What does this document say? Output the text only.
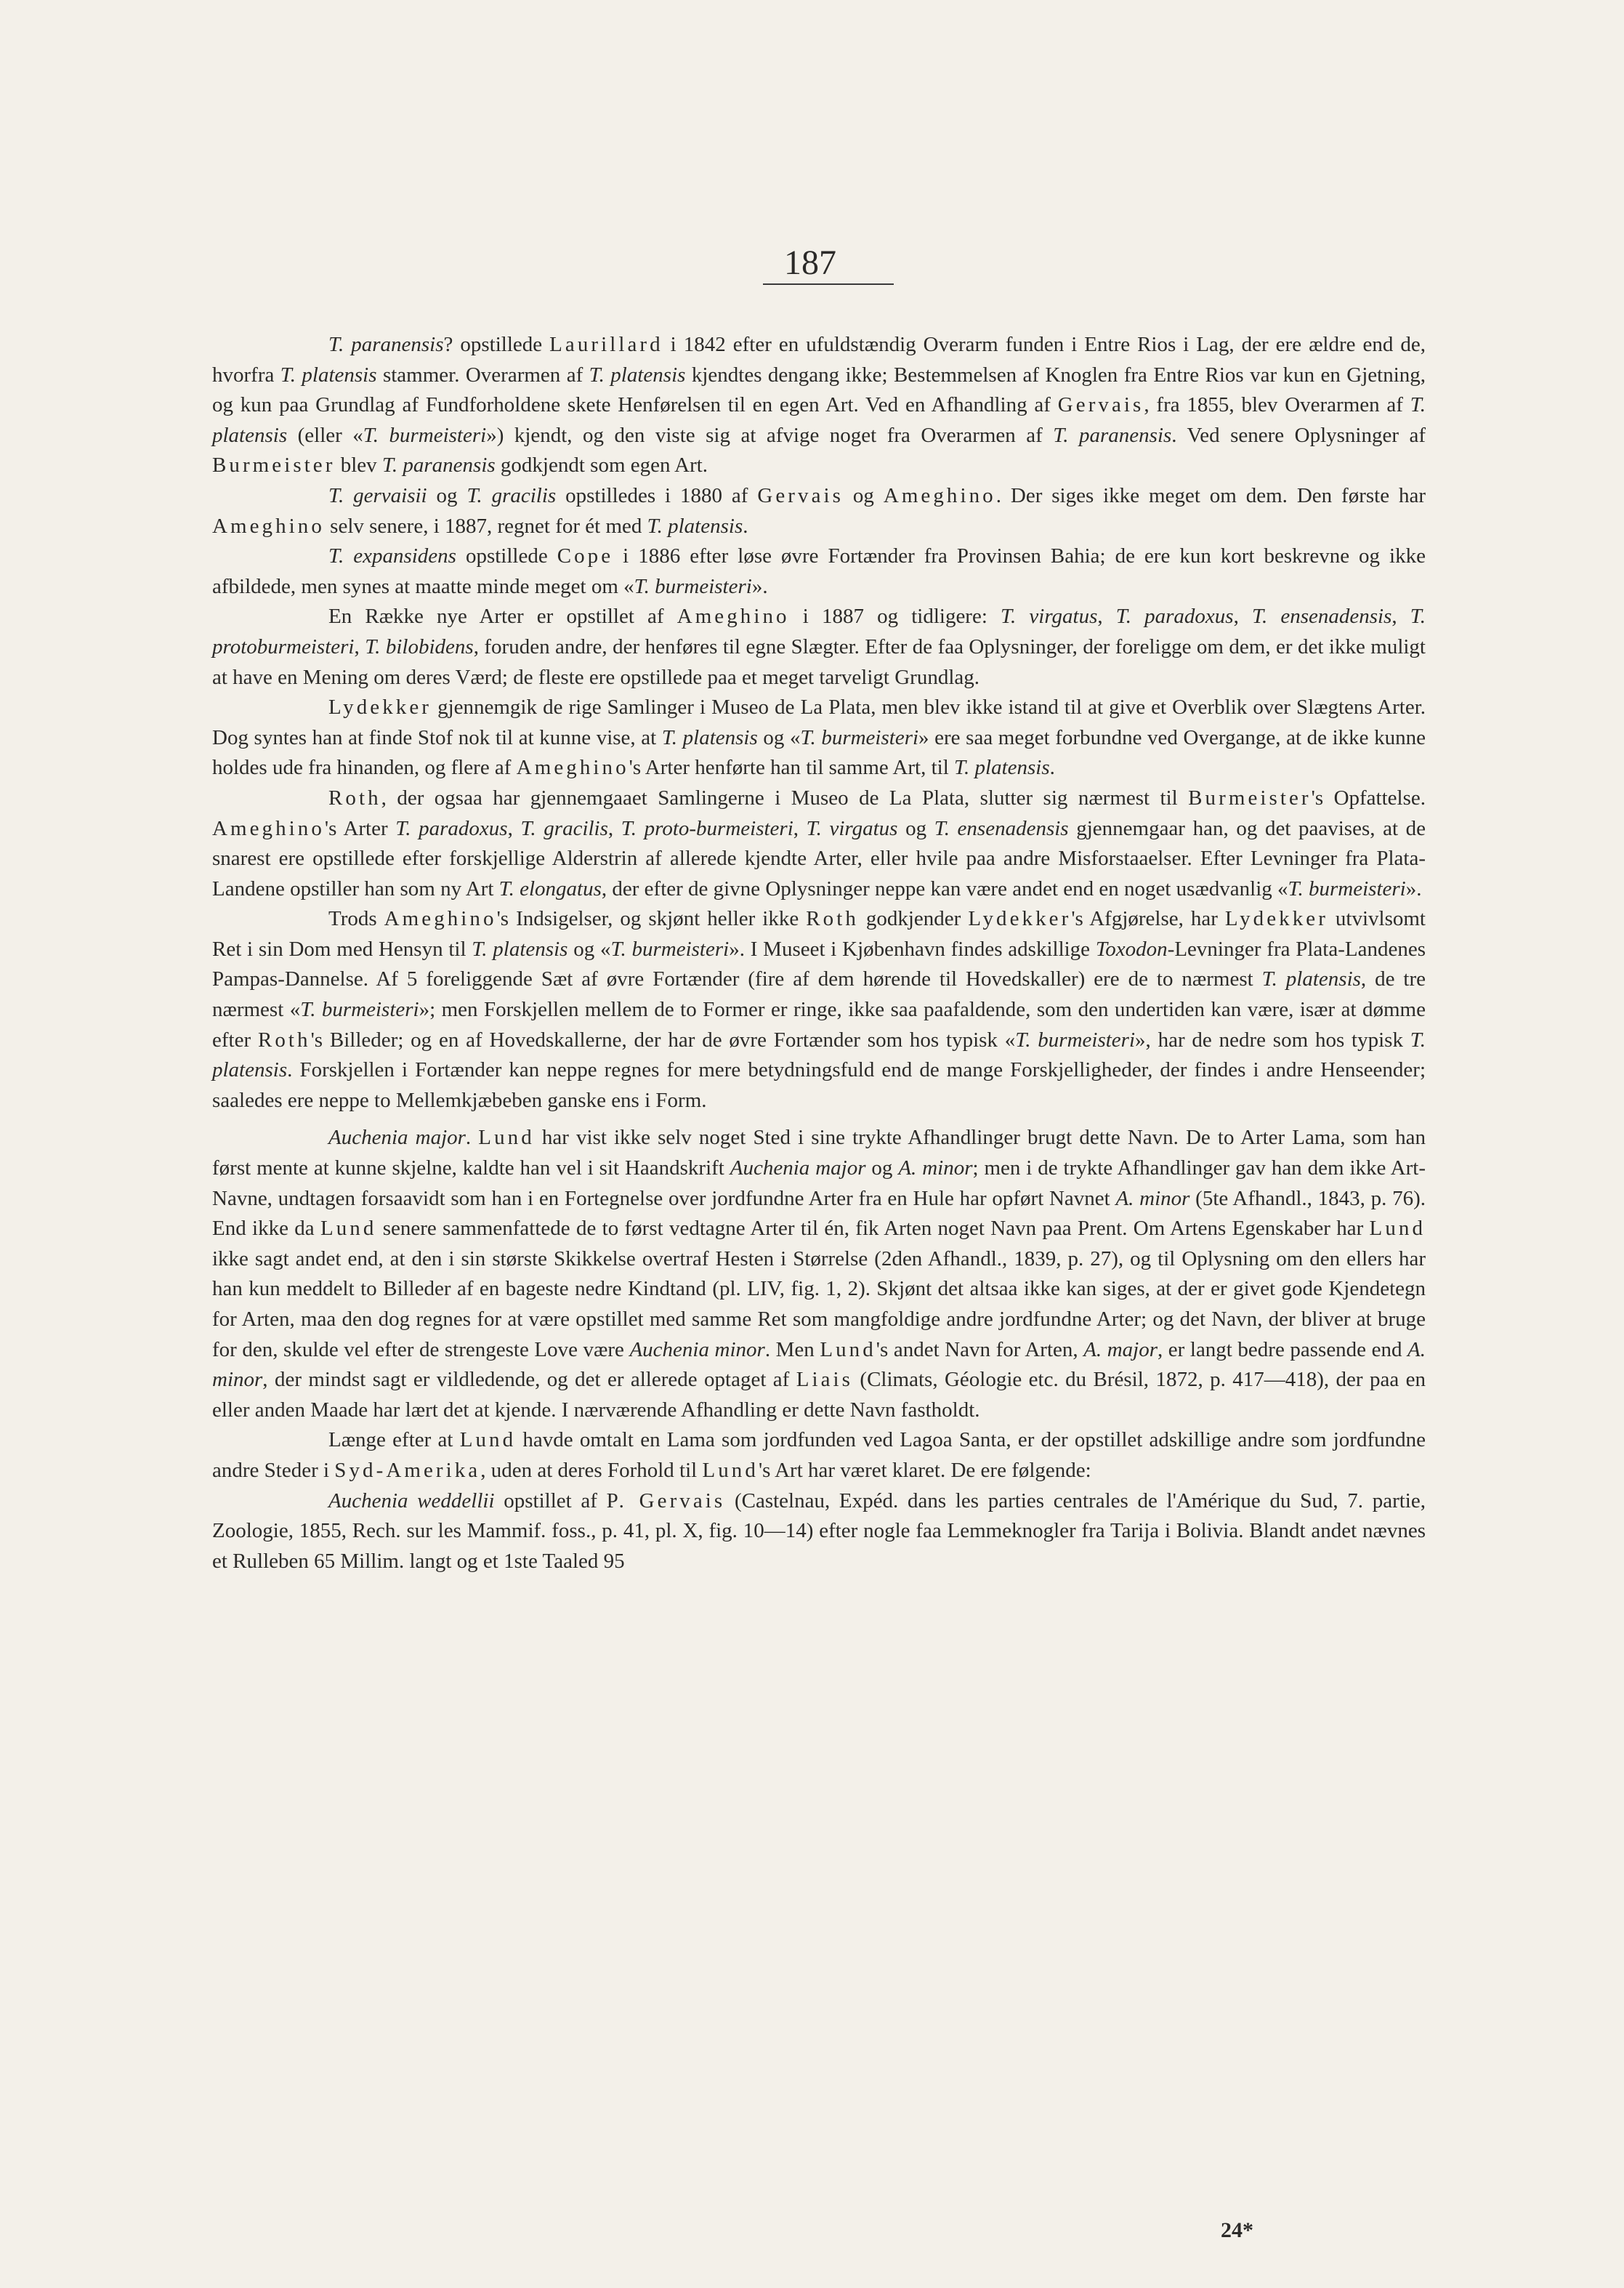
187

T. paranensis? opstillede Laurillard i 1842 efter en ufuldstændig Overarm funden i Entre Rios i Lag, der ere ældre end de, hvorfra T. platensis stammer. Overarmen af T. platensis kjendtes dengang ikke; Bestemmelsen af Knoglen fra Entre Rios var kun en Gjetning, og kun paa Grundlag af Fundforholdene skete Henførelsen til en egen Art. Ved en Afhandling af Gervais, fra 1855, blev Overarmen af T. platensis (eller «T. burmeisteri») kjendt, og den viste sig at afvige noget fra Overarmen af T. paranensis. Ved senere Oplysninger af Burmeister blev T. paranensis godkjendt som egen Art.

T. gervaisii og T. gracilis opstilledes i 1880 af Gervais og Ameghino. Der siges ikke meget om dem. Den første har Ameghino selv senere, i 1887, regnet for ét med T. platensis.

T. expansidens opstillede Cope i 1886 efter løse øvre Fortænder fra Provinsen Bahia; de ere kun kort beskrevne og ikke afbildede, men synes at maatte minde meget om «T. burmeisteri».

En Række nye Arter er opstillet af Ameghino i 1887 og tidligere: T. virgatus, T. paradoxus, T. ensenadensis, T. protoburmeisteri, T. bilobidens, foruden andre, der henføres til egne Slægter. Efter de faa Oplysninger, der foreligge om dem, er det ikke muligt at have en Mening om deres Værd; de fleste ere opstillede paa et meget tarveligt Grundlag.

Lydekker gjennemgik de rige Samlinger i Museo de La Plata, men blev ikke istand til at give et Overblik over Slægtens Arter. Dog syntes han at finde Stof nok til at kunne vise, at T. platensis og «T. burmeisteri» ere saa meget forbundne ved Overgange, at de ikke kunne holdes ude fra hinanden, og flere af Ameghino's Arter henførte han til samme Art, til T. platensis.

Roth, der ogsaa har gjennemgaaet Samlingerne i Museo de La Plata, slutter sig nærmest til Burmeister's Opfattelse. Ameghino's Arter T. paradoxus, T. gracilis, T. proto-burmeisteri, T. virgatus og T. ensenadensis gjennemgaar han, og det paavises, at de snarest ere opstillede efter forskjellige Alderstrin af allerede kjendte Arter, eller hvile paa andre Misforstaaelser. Efter Levninger fra Plata-Landene opstiller han som ny Art T. elongatus, der efter de givne Oplysninger neppe kan være andet end en noget usædvanlig «T. burmeisteri».

Trods Ameghino's Indsigelser, og skjønt heller ikke Roth godkjender Lydekker's Afgjørelse, har Lydekker utvivlsomt Ret i sin Dom med Hensyn til T. platensis og «T. burmeisteri». I Museet i Kjøbenhavn findes adskillige Toxodon-Levninger fra Plata-Landenes Pampas-Dannelse. Af 5 foreliggende Sæt af øvre Fortænder (fire af dem hørende til Hovedskaller) ere de to nærmest T. platensis, de tre nærmest «T. burmeisteri»; men Forskjellen mellem de to Former er ringe, ikke saa paafaldende, som den undertiden kan være, især at dømme efter Roth's Billeder; og en af Hovedskallerne, der har de øvre Fortænder som hos typisk «T. burmeisteri», har de nedre som hos typisk T. platensis. Forskjellen i Fortænder kan neppe regnes for mere betydningsfuld end de mange Forskjelligheder, der findes i andre Henseender; saaledes ere neppe to Mellemkjæbeben ganske ens i Form.

Auchenia major. Lund har vist ikke selv noget Sted i sine trykte Afhandlinger brugt dette Navn. De to Arter Lama, som han først mente at kunne skjelne, kaldte han vel i sit Haandskrift Auchenia major og A. minor; men i de trykte Afhandlinger gav han dem ikke Art-Navne, undtagen forsaavidt som han i en Fortegnelse over jordfundne Arter fra en Hule har opført Navnet A. minor (5te Afhandl., 1843, p. 76). End ikke da Lund senere sammenfattede de to først vedtagne Arter til én, fik Arten noget Navn paa Prent. Om Artens Egenskaber har Lund ikke sagt andet end, at den i sin største Skikkelse overtraf Hesten i Størrelse (2den Afhandl., 1839, p. 27), og til Oplysning om den ellers har han kun meddelt to Billeder af en bageste nedre Kindtand (pl. LIV, fig. 1, 2). Skjønt det altsaa ikke kan siges, at der er givet gode Kjendetegn for Arten, maa den dog regnes for at være opstillet med samme Ret som mangfoldige andre jordfundne Arter; og det Navn, der bliver at bruge for den, skulde vel efter de strengeste Love være Auchenia minor. Men Lund's andet Navn for Arten, A. major, er langt bedre passende end A. minor, der mindst sagt er vildledende, og det er allerede optaget af Liais (Climats, Géologie etc. du Brésil, 1872, p. 417—418), der paa en eller anden Maade har lært det at kjende. I nærværende Afhandling er dette Navn fastholdt.

Længe efter at Lund havde omtalt en Lama som jordfunden ved Lagoa Santa, er der opstillet adskillige andre som jordfundne andre Steder i Syd-Amerika, uden at deres Forhold til Lund's Art har været klaret. De ere følgende:

Auchenia weddellii opstillet af P. Gervais (Castelnau, Expéd. dans les parties centrales de l'Amérique du Sud, 7. partie, Zoologie, 1855, Rech. sur les Mammif. foss., p. 41, pl. X, fig. 10—14) efter nogle faa Lemmeknogler fra Tarija i Bolivia. Blandt andet nævnes et Rulleben 65 Millim. langt og et 1ste Taaled 95

24*
